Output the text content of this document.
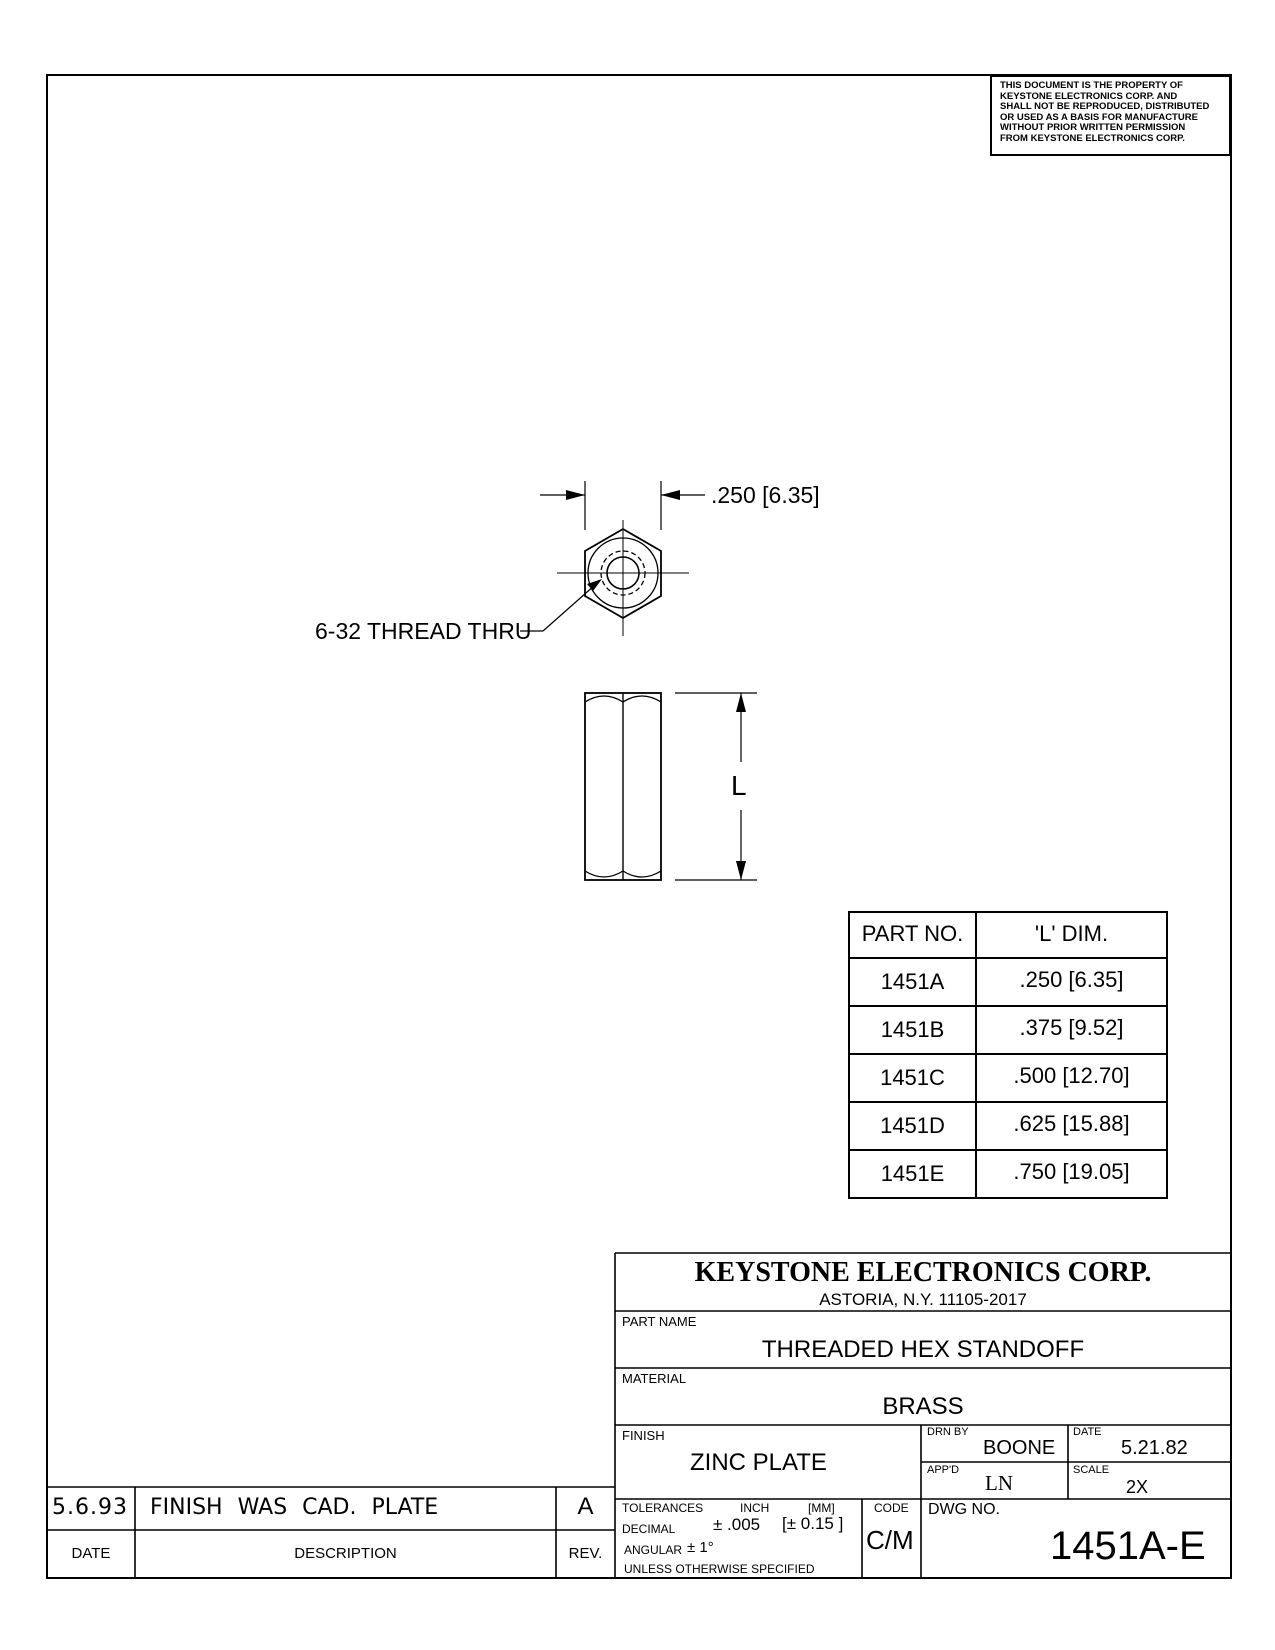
THIS DOCUMENT IS THE PROPERTY OF
KEYSTONE ELECTRONICS CORP. AND
SHALL NOT BE REPRODUCED, DISTRIBUTED
OR USED AS A BASIS FOR MANUFACTURE
WITHOUT PRIOR WRITTEN PERMISSION
FROM KEYSTONE ELECTRONICS CORP.
.250 [6.35]
6-32 THREAD THRU
L
PART NO.	'L' DIM.
1451A	.250 [6.35]
1451B	.375 [9.52]
1451C	.500 [12.70]
1451D	.625 [15.88]
1451E	.750 [19.05]
KEYSTONE ELECTRONICS CORP.
ASTORIA, N.Y. 11105-2017
PART NAME
THREADED HEX STANDOFF
MATERIAL
BRASS
FINISH
ZINC PLATE
DRN BY
BOONE
DATE
5.21.82
APP'D
LN
SCALE
2X
TOLERANCES	INCH	[MM]	CODE
DECIMAL ± .005 [± 0.15 ]
ANGULAR ± 1°
UNLESS OTHERWISE SPECIFIED
C/M
DWG NO.
1451A-E
5.6.93 FINISH WAS CAD. PLATE	A
DATE	DESCRIPTION	REV.
